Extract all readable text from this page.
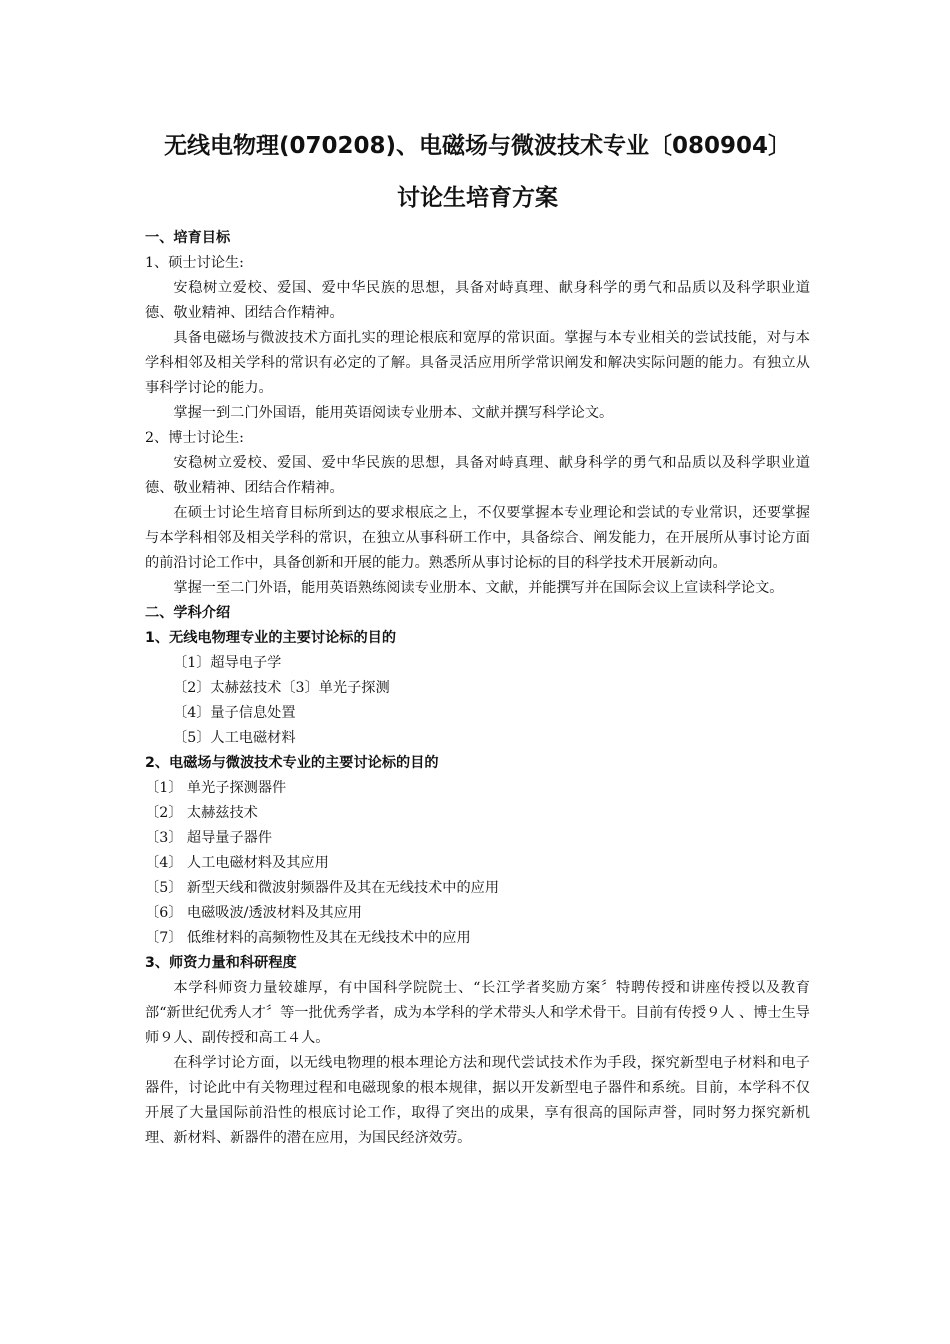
无线电物理(070208)、电磁场与微波技术专业〔080904〕
讨论生培育方案
一、培育目标
1、硕士讨论生:

安稳树立爱校、爱国、爱中华民族的思想，具备对峙真理、献身科学的勇气和品质以及科学职业道德、敬业精神、团结合作精神。

具备电磁场与微波技术方面扎实的理论根底和宽厚的常识面。掌握与本专业相关的尝试技能，对与本学科相邻及相关学科的常识有必定的了解。具备灵活应用所学常识阐发和解决实际问题的能力。有独立从事科学讨论的能力。

掌握一到二门外国语，能用英语阅读专业册本、文献并撰写科学论文。

2、博士讨论生:

安稳树立爱校、爱国、爱中华民族的思想，具备对峙真理、献身科学的勇气和品质以及科学职业道德、敬业精神、团结合作精神。

在硕士讨论生培育目标所到达的要求根底之上，不仅要掌握本专业理论和尝试的专业常识，还要掌握与本学科相邻及相关学科的常识，在独立从事科研工作中，具备综合、阐发能力，在开展所从事讨论方面的前沿讨论工作中，具备创新和开展的能力。熟悉所从事讨论标的目的科学技术开展新动向。

掌握一至二门外语，能用英语熟练阅读专业册本、文献，并能撰写并在国际会议上宣读科学论文。

二、学科介绍
1、无线电物理专业的主要讨论标的目的
〔1〕超导电子学
〔2〕太赫兹技术〔3〕单光子探测
〔4〕量子信息处置
〔5〕人工电磁材料
2、电磁场与微波技术专业的主要讨论标的目的
〔1〕 单光子探测器件
〔2〕 太赫兹技术
〔3〕 超导量子器件
〔4〕 人工电磁材料及其应用
〔5〕 新型天线和微波射频器件及其在无线技术中的应用
〔6〕 电磁吸波/透波材料及其应用
〔7〕 低维材料的高频物性及其在无线技术中的应用
3、师资力量和科研程度

本学科师资力量较雄厚，有中国科学院院士、“长江学者奖励方案〞特聘传授和讲座传授以及教育部“新世纪优秀人才〞等一批优秀学者，成为本学科的学术带头人和学术骨干。目前有传授９人 、博士生导师９人、副传授和高工４人。

在科学讨论方面，以无线电物理的根本理论方法和现代尝试技术作为手段，探究新型电子材料和电子器件，讨论此中有关物理过程和电磁现象的根本规律，据以开发新型电子器件和系统。目前，本学科不仅开展了大量国际前沿性的根底讨论工作，取得了突出的成果，享有很高的国际声誉，同时努力探究新机理、新材料、新器件的潜在应用，为国民经济效劳。
